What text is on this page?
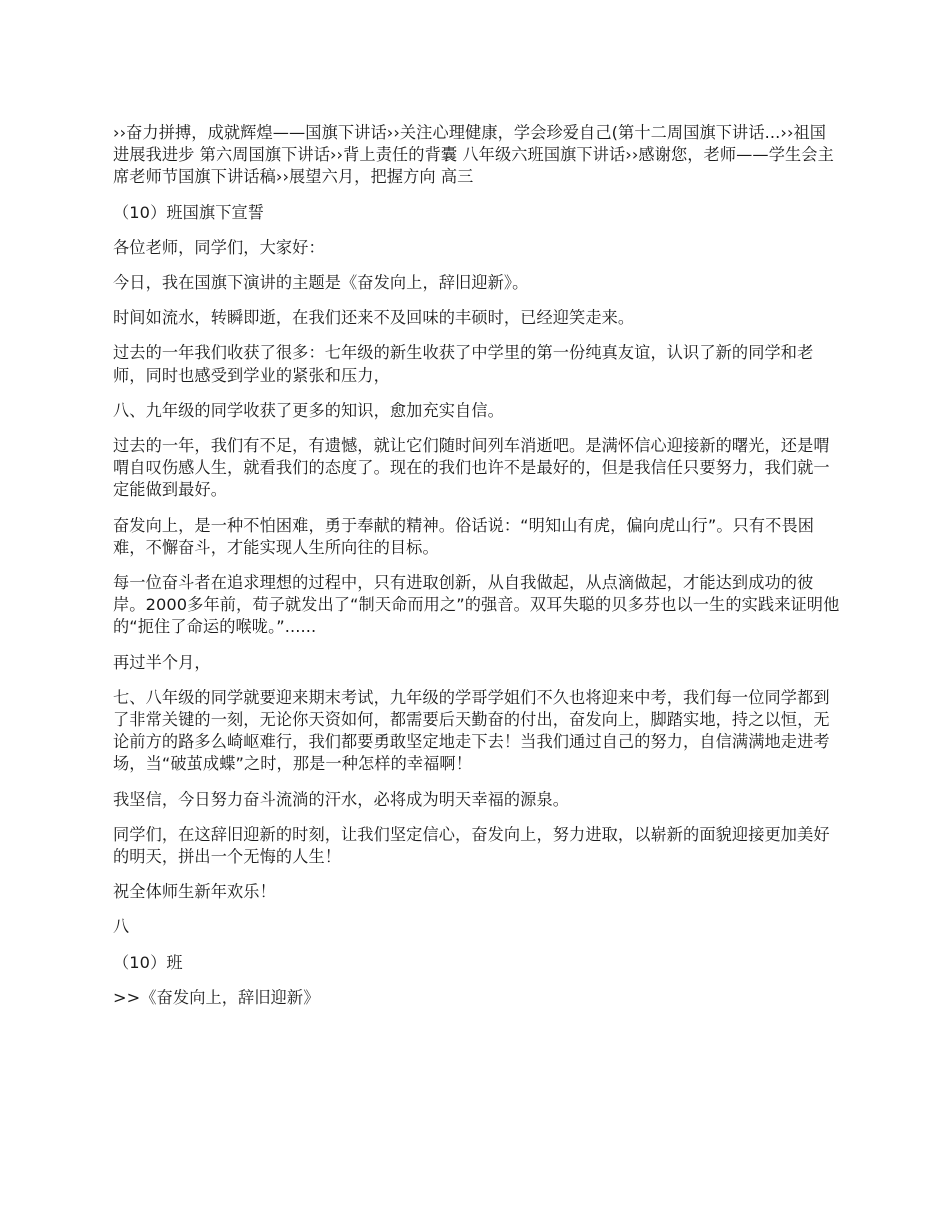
››奋力拼搏，成就辉煌——国旗下讲话››关注心理健康，学会珍爱自己(第十二周国旗下讲话...››祖国进展我进步 第六周国旗下讲话››背上责任的背囊 八年级六班国旗下讲话››感谢您，老师——学生会主席老师节国旗下讲话稿››展望六月，把握方向 高三

（10）班国旗下宣誓

各位老师，同学们，大家好：

今日，我在国旗下演讲的主题是《奋发向上，辞旧迎新》。

时间如流水，转瞬即逝，在我们还来不及回味的丰硕时，已经迎笑走来。

过去的一年我们收获了很多：七年级的新生收获了中学里的第一份纯真友谊，认识了新的同学和老师，同时也感受到学业的紧张和压力，

八、九年级的同学收获了更多的知识，愈加充实自信。

过去的一年，我们有不足，有遗憾，就让它们随时间列车消逝吧。是满怀信心迎接新的曙光，还是喟喟自叹伤感人生，就看我们的态度了。现在的我们也许不是最好的，但是我信任只要努力，我们就一定能做到最好。

奋发向上，是一种不怕困难，勇于奉献的精神。俗话说：“明知山有虎，偏向虎山行”。只有不畏困难，不懈奋斗，才能实现人生所向往的目标。

每一位奋斗者在追求理想的过程中，只有进取创新，从自我做起，从点滴做起，才能达到成功的彼岸。2000多年前，荀子就发出了“制天命而用之”的强音。双耳失聪的贝多芬也以一生的实践来证明他的“扼住了命运的喉咙。”......

再过半个月，

七、八年级的同学就要迎来期末考试，九年级的学哥学姐们不久也将迎来中考，我们每一位同学都到了非常关键的一刻，无论你天资如何，都需要后天勤奋的付出，奋发向上，脚踏实地，持之以恒，无论前方的路多么崎岖难行，我们都要勇敢坚定地走下去！当我们通过自己的努力，自信满满地走进考场，当“破茧成蝶”之时，那是一种怎样的幸福啊！

我坚信，今日努力奋斗流淌的汗水，必将成为明天幸福的源泉。

同学们，在这辞旧迎新的时刻，让我们坚定信心，奋发向上，努力进取，以崭新的面貌迎接更加美好的明天，拼出一个无悔的人生！

祝全体师生新年欢乐！

八

（10）班

>>《奋发向上，辞旧迎新》
